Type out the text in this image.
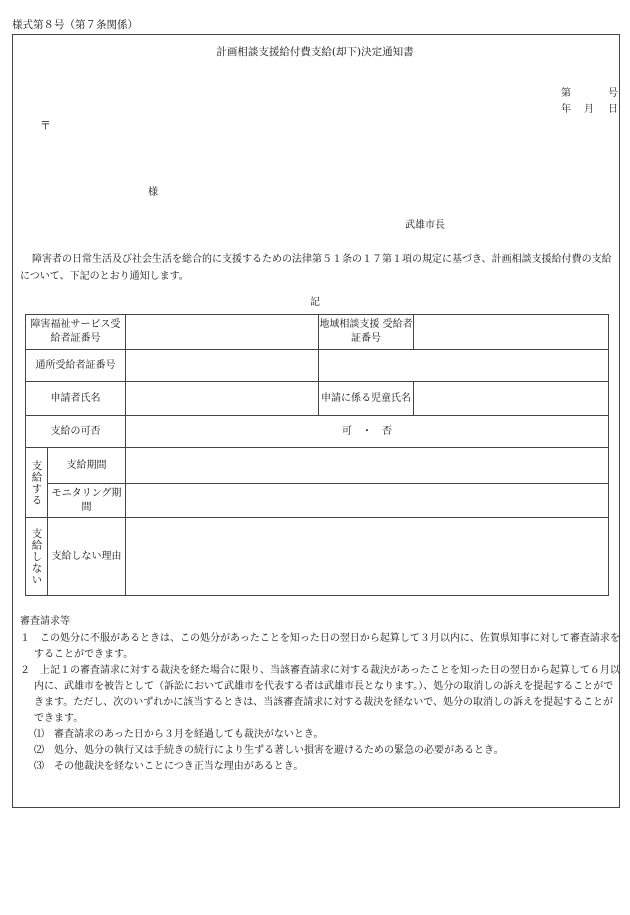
様式第８号（第７条関係）
計画相談支援給付費支給(却下)決定通知書
第	号
年 月 日
〒
様
武雄市長
障害者の日常生活及び社会生活を総合的に支援するための法律第５１条の１７第１項の規定に基づき、計画相談支援給付費の支給について、下記のとおり通知します。
記
障害福祉サービス受給者証番号			地域相談支援 受給者証番号	

通所受給者証番号			

申請者氏名			申請に係る児童氏名	
支給の可否		可　・　否		

支給する	支給期間			
	モニタリング期間			

支給しない	支給しない理由			
審査請求等
１　この処分に不服があるときは、この処分があったことを知った日の翌日から起算して３月以内に、佐賀県知事に対して審査請求をすることができます。
２　上記１の審査請求に対する裁決を経た場合に限り、当該審査請求に対する裁決があったことを知った日の翌日から起算して６月以内に、武雄市を被告として（訴訟において武雄市を代表する者は武雄市長となります。）、処分の取消しの訴えを提起することができます。ただし、次のいずれかに該当するときは、当該審査請求に対する裁決を経ないで、処分の取消しの訴えを提起することができます。
⑴　審査請求のあった日から３月を経過しても裁決がないとき。
⑵　処分、処分の執行又は手続きの続行により生ずる著しい損害を避けるための緊急の必要があるとき。
⑶　その他裁決を経ないことにつき正当な理由があるとき。
